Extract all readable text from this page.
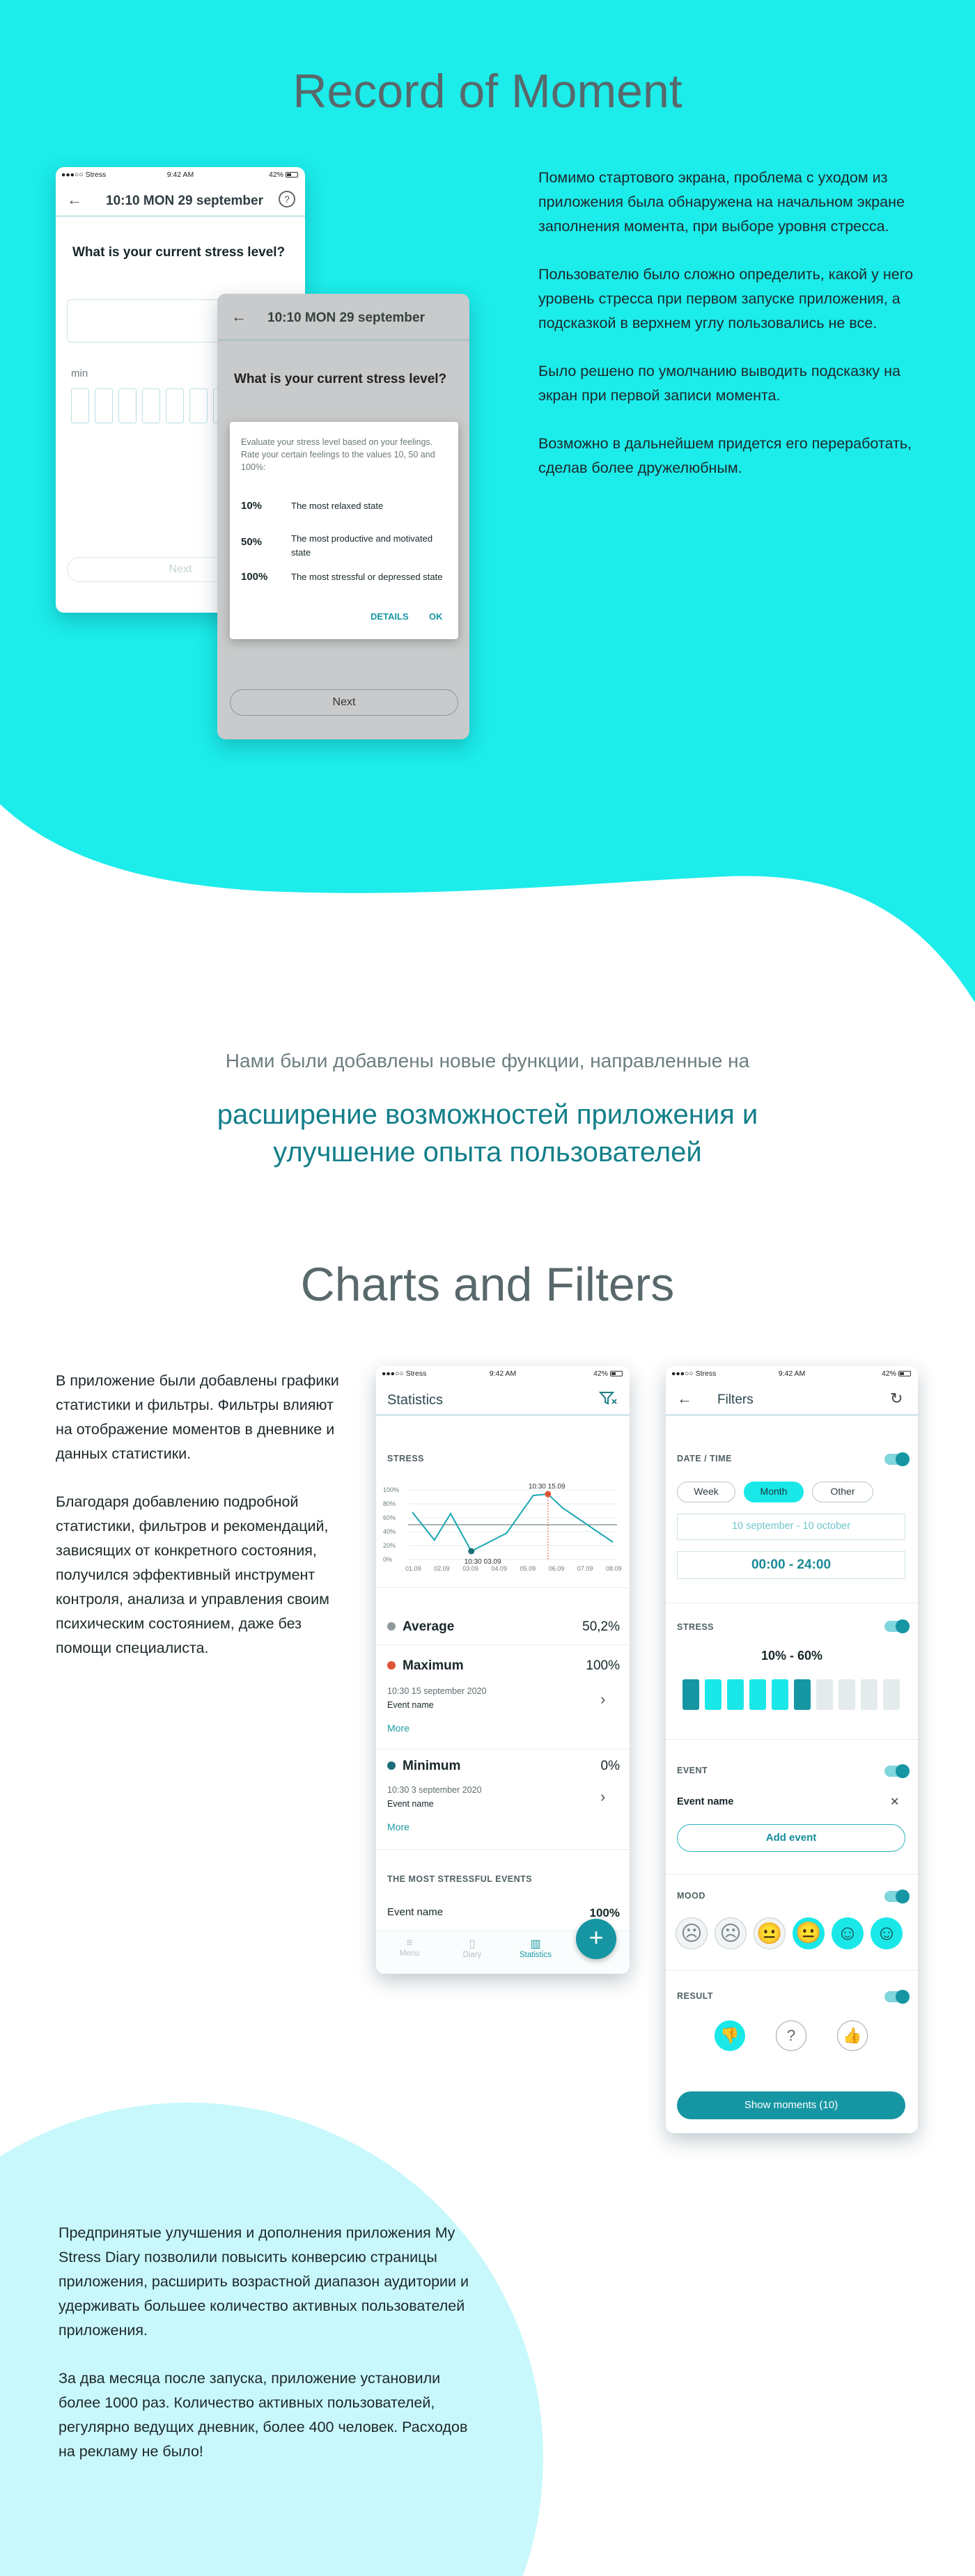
Record of Moment
●●●○○ Stress	9:42 AM	42%
← 10:10 MON 29 september	?
What is your current stress level?
min
Next
← 10:10 MON 29 september
What is your current stress level?
Evaluate your stress level based on your feelings. Rate your certain feelings to the values 10, 50 and 100%:
10%	The most relaxed state
50%	The most productive and motivated state
100%	The most stressful or depressed state
DETAILS OK
Next

Помимо стартового экрана, проблема с уходом из приложения была обнаружена на начальном экране заполнения момента, при выборе уровня стресса.

Пользователю было сложно определить, какой у него уровень стресса при первом запуске приложения, а подсказкой в верхнем углу пользовались не все.

Было решено по умолчанию выводить подсказку на экран при первой записи момента.

Возможно в дальнейшем придется его переработать, сделав более дружелюбным.

Нами были добавлены новые функции, направленные на
расширение возможностей приложения и улучшение опыта пользователей
Charts and Filters

В приложение были добавлены графики статистики и фильтры. Фильтры влияют на отображение моментов в дневнике и данных статистики.

Благодаря добавлению подробной статистики, фильтров и рекомендаций, зависящих от конкретного состояния, получился эффективный инструмент контроля, анализа и управления своим психическим состоянием, даже без помощи специалиста.

●●●○○ Stress	9:42 AM	42%
Statistics
STRESS
100%
80%
60%
40%
20%
0%
01.09 02.09 03.09 04.09 05.09 06.09 07.09 08.09
10:30 15.09
10:30 03.09
Average	50,2%
Maximum	100%
10:30 15 september 2020
Event name	›
More
Minimum	0%
10:30 3 september 2020
Event name	›
More
THE MOST STRESSFUL EVENTS
Event name	100%
≡
Menu
▯
Diary
▥
Statistics
+
●●●○○ Stress	9:42 AM	42%
← Filters	↻
DATE / TIME
Week	Month	Other
10 september - 10 october
00:00 - 24:00
STRESS
10% - 60%
EVENT
Event name	✕
Add event
MOOD
☹ ☹ 😐 😐 ☺ ☺
RESULT
👎	?	👍
Show moments (10)

Предпринятые улучшения и дополнения приложения My Stress Diary позволили повысить конверсию страницы приложения, расширить возрастной диапазон аудитории и удерживать большее количество активных пользователей приложения.

За два месяца после запуска, приложение установили более 1000 раз. Количество активных пользователей, регулярно ведущих дневник, более 400 человек. Расходов на рекламу не было!
